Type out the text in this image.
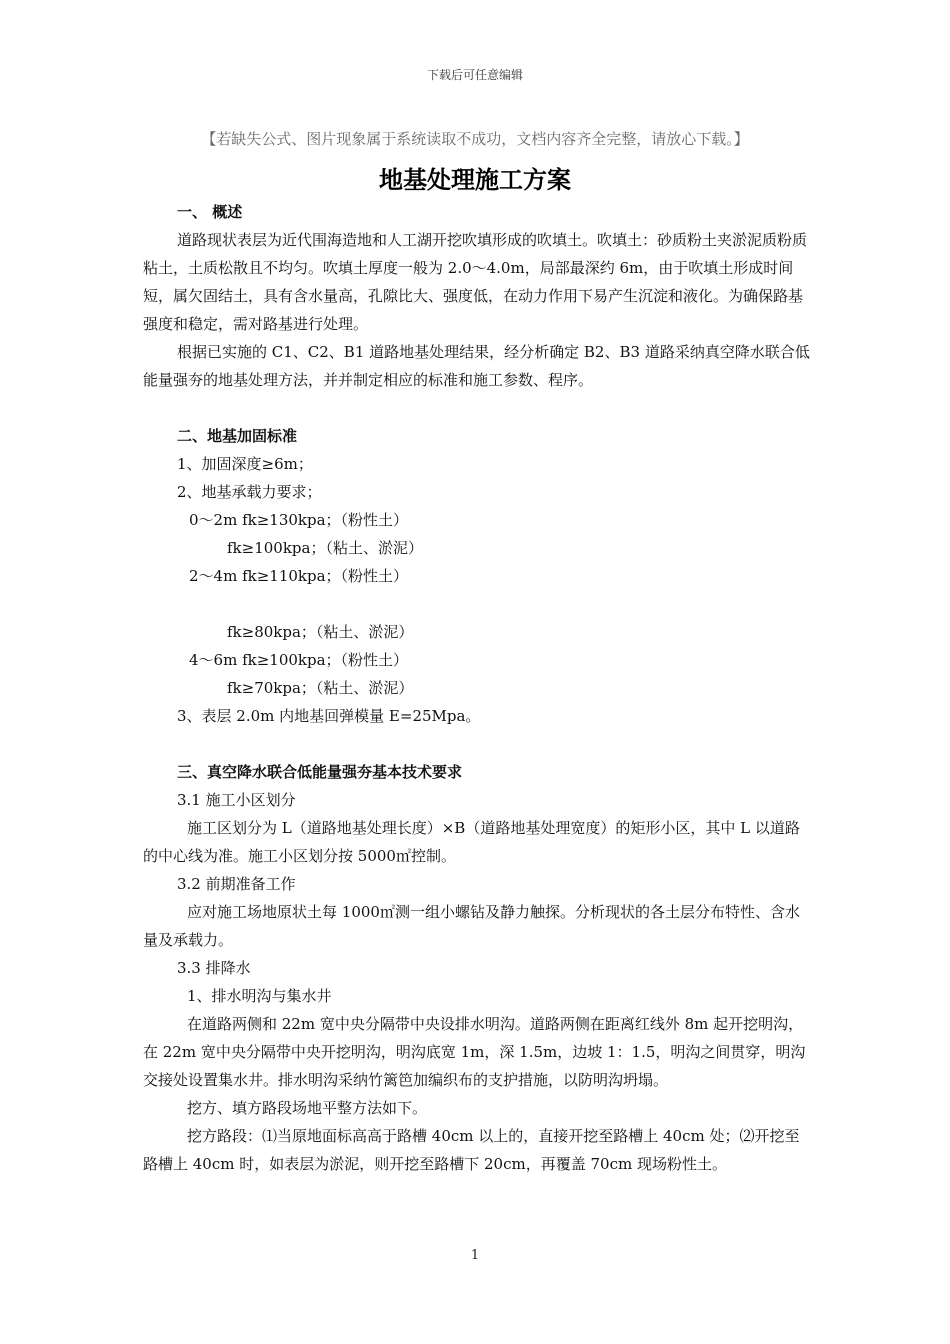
下载后可任意编辑
【若缺失公式、图片现象属于系统读取不成功，文档内容齐全完整，请放心下载。】
地基处理施工方案

一、 概述

道路现状表层为近代围海造地和人工湖开挖吹填形成的吹填土。吹填土：砂质粉土夹淤泥质粉质粘土，土质松散且不均匀。吹填土厚度一般为 2.0～4.0m，局部最深约 6m，由于吹填土形成时间短，属欠固结土，具有含水量高，孔隙比大、强度低，在动力作用下易产生沉淀和液化。为确保路基强度和稳定，需对路基进行处理。

根据已实施的 C1、C2、B1 道路地基处理结果，经分析确定 B2、B3 道路采纳真空降水联合低能量强夯的地基处理方法，并并制定相应的标准和施工参数、程序。

二、地基加固标准

1、加固深度≥6m；

2、地基承载力要求；

0～2m fk≥130kpa；（粉性土）

fk≥100kpa；（粘土、淤泥）

2～4m fk≥110kpa；（粉性土）

fk≥80kpa；（粘土、淤泥）

4～6m fk≥100kpa；（粉性土）

fk≥70kpa；（粘土、淤泥）

3、表层 2.0m 内地基回弹模量 E=25Mpa。

三、真空降水联合低能量强夯基本技术要求

3.1 施工小区划分

施工区划分为 L（道路地基处理长度）×B（道路地基处理宽度）的矩形小区，其中 L 以道路的中心线为准。施工小区划分按 5000㎡控制。

3.2 前期准备工作

应对施工场地原状土每 1000㎡测一组小螺钻及静力触探。分析现状的各土层分布特性、含水量及承载力。

3.3 排降水

1、排水明沟与集水井

在道路两侧和 22m 宽中央分隔带中央设排水明沟。道路两侧在距离红线外 8m 起开挖明沟，在 22m 宽中央分隔带中央开挖明沟，明沟底宽 1m，深 1.5m，边坡 1：1.5，明沟之间贯穿，明沟交接处设置集水井。排水明沟采纳竹篱笆加编织布的支护措施，以防明沟坍塌。

挖方、填方路段场地平整方法如下。

挖方路段：⑴当原地面标高高于路槽 40cm 以上的，直接开挖至路槽上 40cm 处；⑵开挖至路槽上 40cm 时，如表层为淤泥，则开挖至路槽下 20cm，再覆盖 70cm 现场粉性土。

1
